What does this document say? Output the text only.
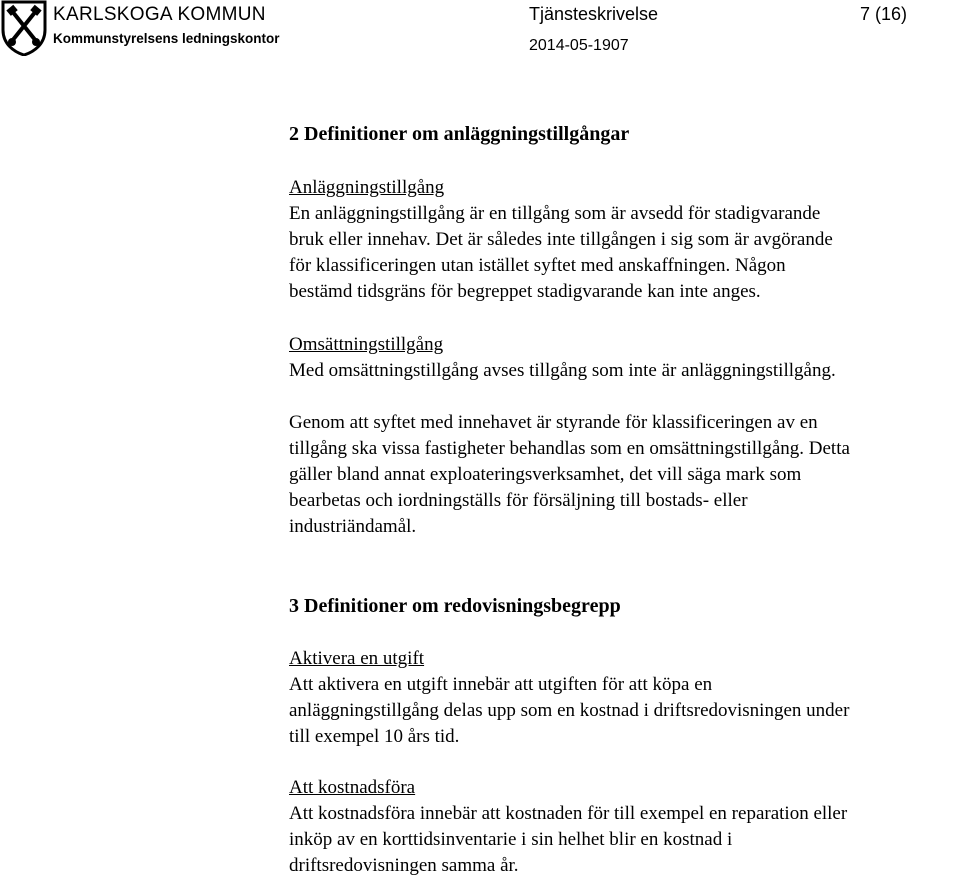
KARLSKOGA KOMMUN
Kommunstyrelsens ledningskontor
Tjänsteskrivelse	7 (16)
2014-05-1907
2 Definitioner om anläggningstillgångar
Anläggningstillgång
En anläggningstillgång är en tillgång som är avsedd för stadigvarande
bruk eller innehav. Det är således inte tillgången i sig som är avgörande
för klassificeringen utan istället syftet med anskaffningen. Någon
bestämd tidsgräns för begreppet stadigvarande kan inte anges.
Omsättningstillgång
Med omsättningstillgång avses tillgång som inte är anläggningstillgång.
Genom att syftet med innehavet är styrande för klassificeringen av en
tillgång ska vissa fastigheter behandlas som en omsättningstillgång. Detta
gäller bland annat exploateringsverksamhet, det vill säga mark som
bearbetas och iordningställs för försäljning till bostads- eller
industriändamål.
3 Definitioner om redovisningsbegrepp
Aktivera en utgift
Att aktivera en utgift innebär att utgiften för att köpa en
anläggningstillgång delas upp som en kostnad i driftsredovisningen under
till exempel 10 års tid.
Att kostnadsföra
Att kostnadsföra innebär att kostnaden för till exempel en reparation eller
inköp av en korttidsinventarie i sin helhet blir en kostnad i
driftsredovisningen samma år.
